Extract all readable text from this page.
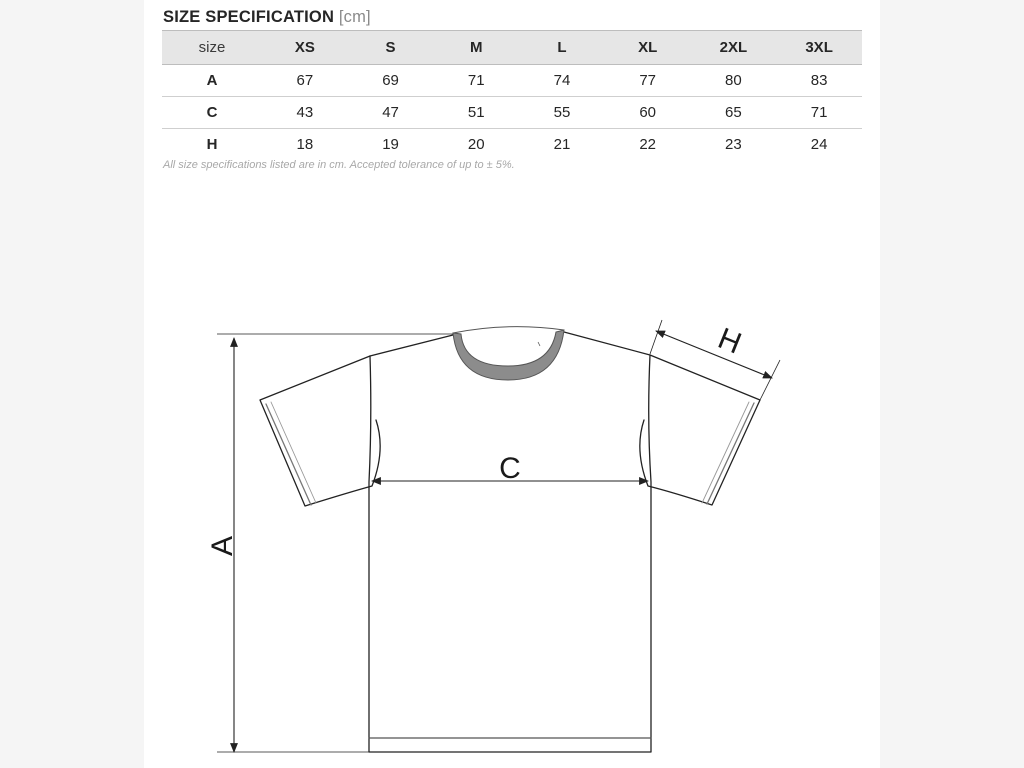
SIZE SPECIFICATION [cm]
size	XS	S	M	L	XL	2XL	3XL
A	67	69	71	74	77	80	83
C	43	47	51	55	60	65	71
H	18	19	20	21	22	23	24
All size specifications listed are in cm. Accepted tolerance of up to ± 5%.
A
C
H
